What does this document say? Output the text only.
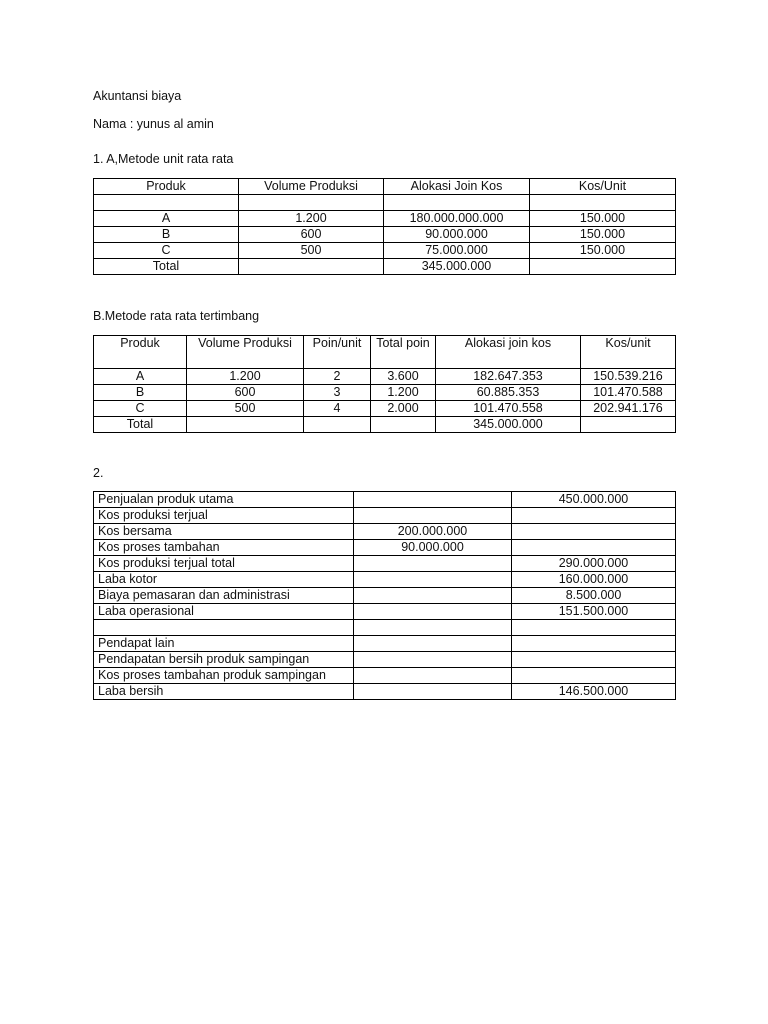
Akuntansi biaya
Nama : yunus al amin
1. A,Metode unit rata rata
Produk	Volume Produksi	Alokasi Join Kos	Kos/Unit

A	1.200	180.000.000.000	150.000
B	600	90.000.000	150.000
C	500	75.000.000	150.000
Total		345.000.000	
B.Metode rata rata tertimbang
Produk	Volume Produksi	Poin/unit	Total poin	Alokasi join kos	Kos/unit
A	1.200	2	3.600	182.647.353	150.539.216
B	600	3	1.200	60.885.353	101.470.588
C	500	4	2.000	101.470.558	202.941.176
Total				345.000.000	
2.
Penjualan produk utama		450.000.000
Kos produksi terjual		
Kos bersama	200.000.000	
Kos proses tambahan	90.000.000	
Kos produksi terjual total		290.000.000
Laba kotor		160.000.000
Biaya pemasaran dan administrasi		8.500.000
Laba operasional		151.500.000

Pendapat lain		
Pendapatan bersih produk sampingan		
Kos proses tambahan produk sampingan		
Laba bersih		146.500.000
